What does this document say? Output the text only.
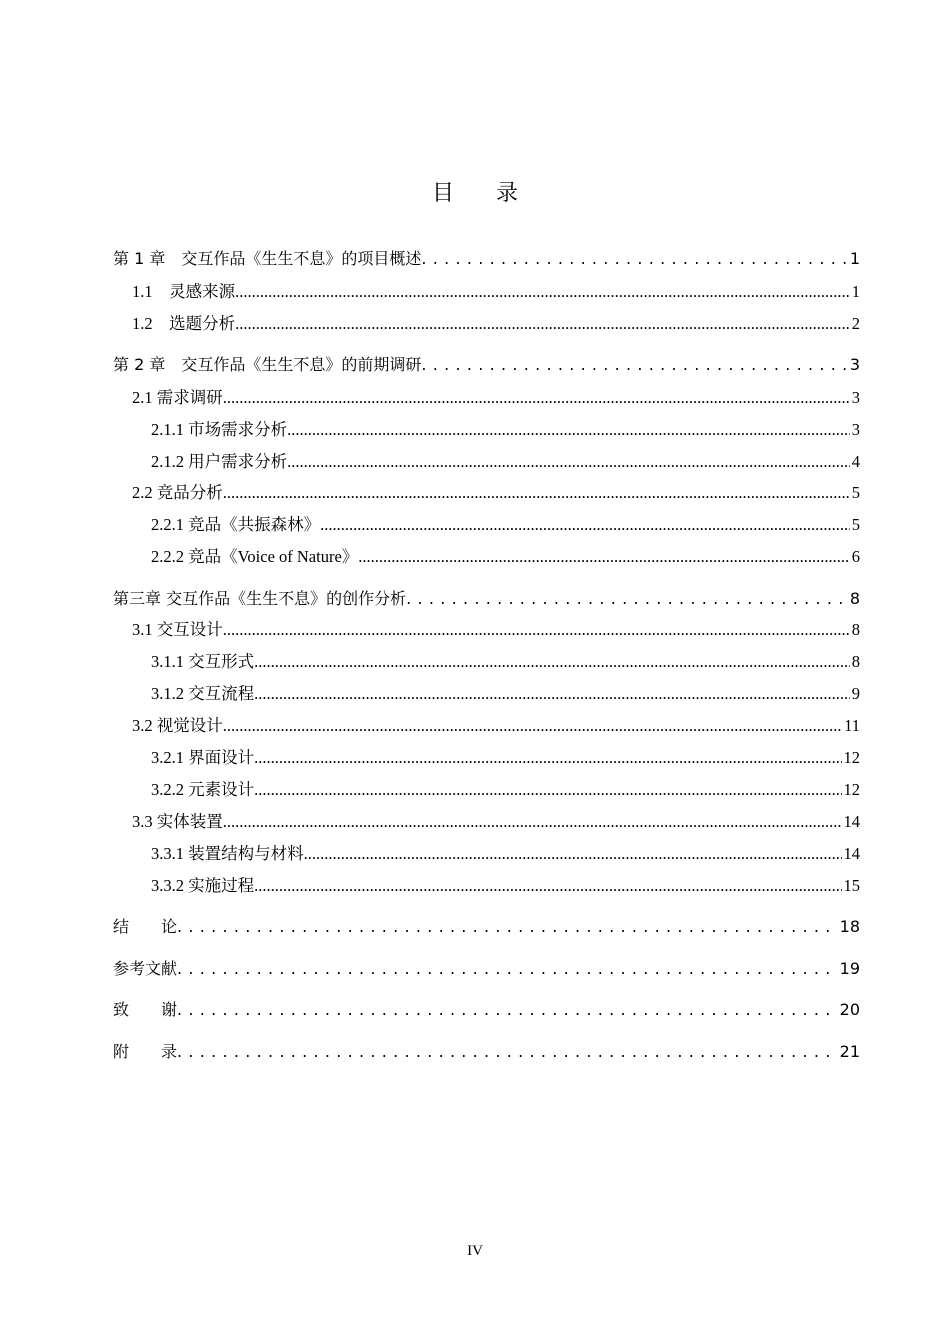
目 录
第 1 章　交互作品《生生不息》的项目概述 . . .	1
1.1　灵感来源 .....	1
1.2　选题分析 .....	2
第 2 章　交互作品《生生不息》的前期调研 . . .	3
2.1 需求调研 .....	3
2.1.1 市场需求分析 .....	3
2.1.2 用户需求分析 .....	4
2.2 竞品分析 .....	5
2.2.1 竞品《共振森林》 .....	5
2.2.2 竞品《Voice of Nature》 .....	6
第三章 交互作品《生生不息》的创作分析 . . .	8
3.1 交互设计 .....	8
3.1.1 交互形式 .....	8
3.1.2 交互流程 .....	9
3.2 视觉设计 .....	11
3.2.1 界面设计 .....	12
3.2.2 元素设计 .....	12
3.3 实体装置 .....	14
3.3.1 装置结构与材料 .....	14
3.3.2 实施过程 .....	15
结　　论 . . .	18
参考文献 . . .	19
致　　谢 . . .	20
附　　录 . . .	21
IV
